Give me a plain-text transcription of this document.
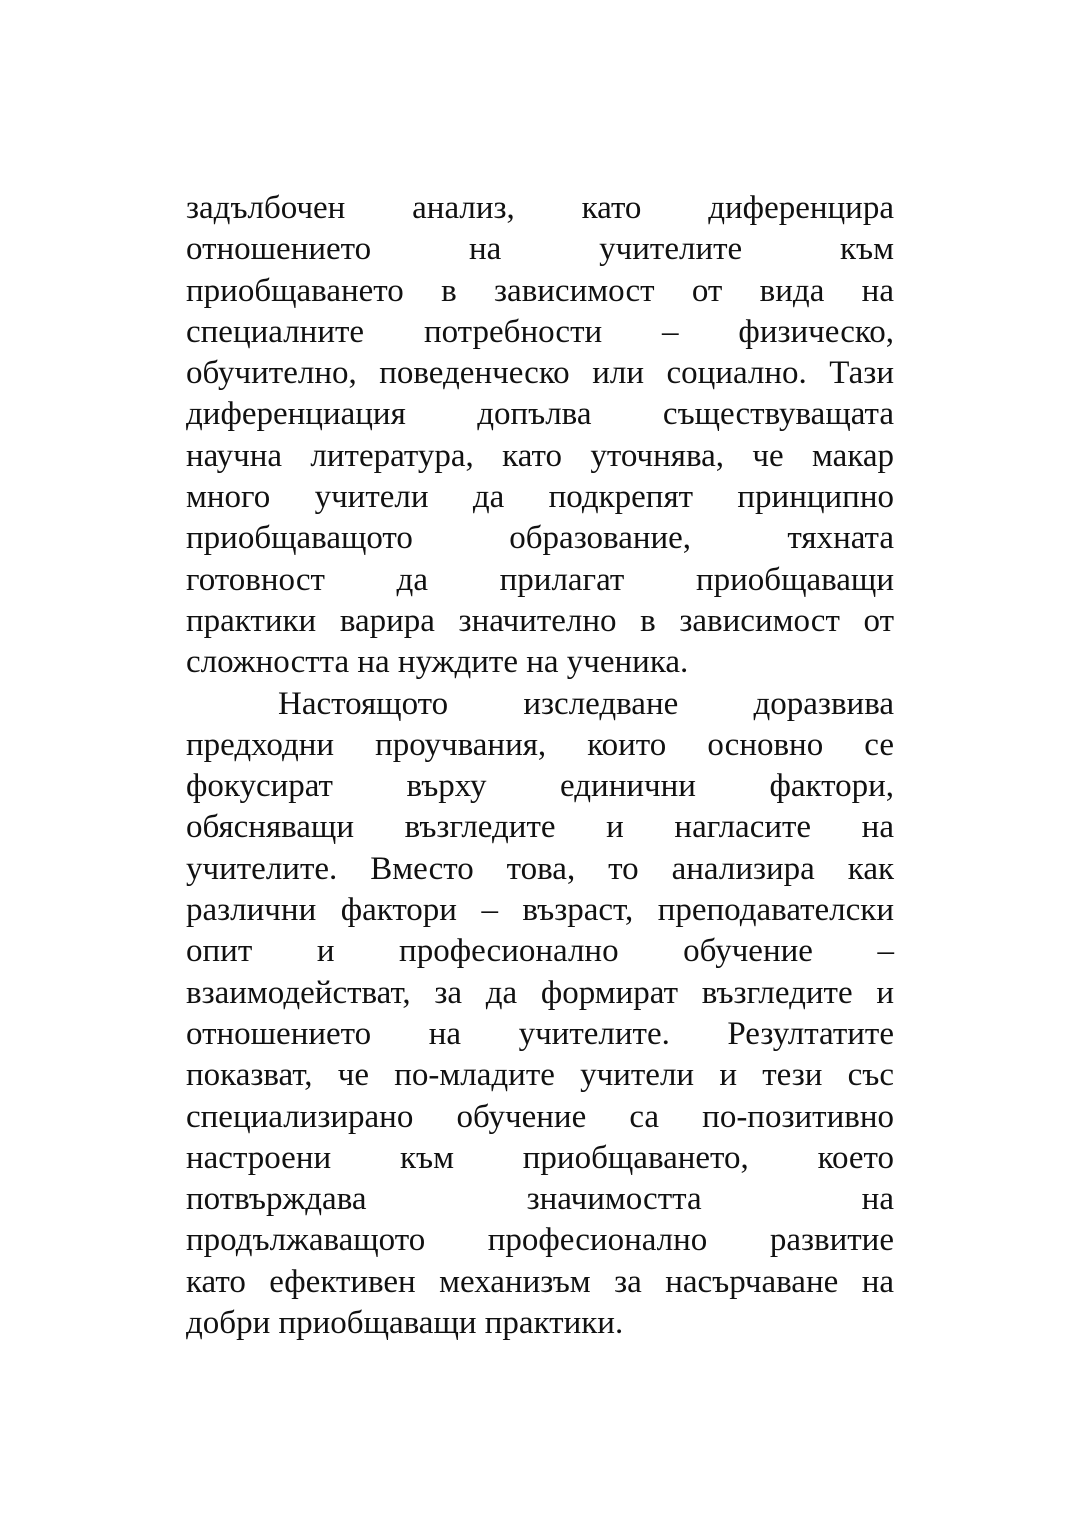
задълбочен анализ, като диференцира
отношението на учителите към
приобщаването в зависимост от вида на
специалните потребности – физическо,
обучително, поведенческо или социално. Тази
диференциация допълва съществуващата
научна литература, като уточнява, че макар
много учители да подкрепят принципно
приобщаващото образование, тяхната
готовност да прилагат приобщаващи
практики варира значително в зависимост от
сложността на нуждите на ученика.
Настоящото изследване доразвива
предходни проучвания, които основно се
фокусират върху единични фактори,
обясняващи възгледите и нагласите на
учителите. Вместо това, то анализира как
различни фактори – възраст, преподавателски
опит и професионално обучение –
взаимодействат, за да формират възгледите и
отношението на учителите. Резултатите
показват, че по-младите учители и тези със
специализирано обучение са по-позитивно
настроени към приобщаването, което
потвърждава значимостта на
продължаващото професионално развитие
като ефективен механизъм за насърчаване на
добри приобщаващи практики.
